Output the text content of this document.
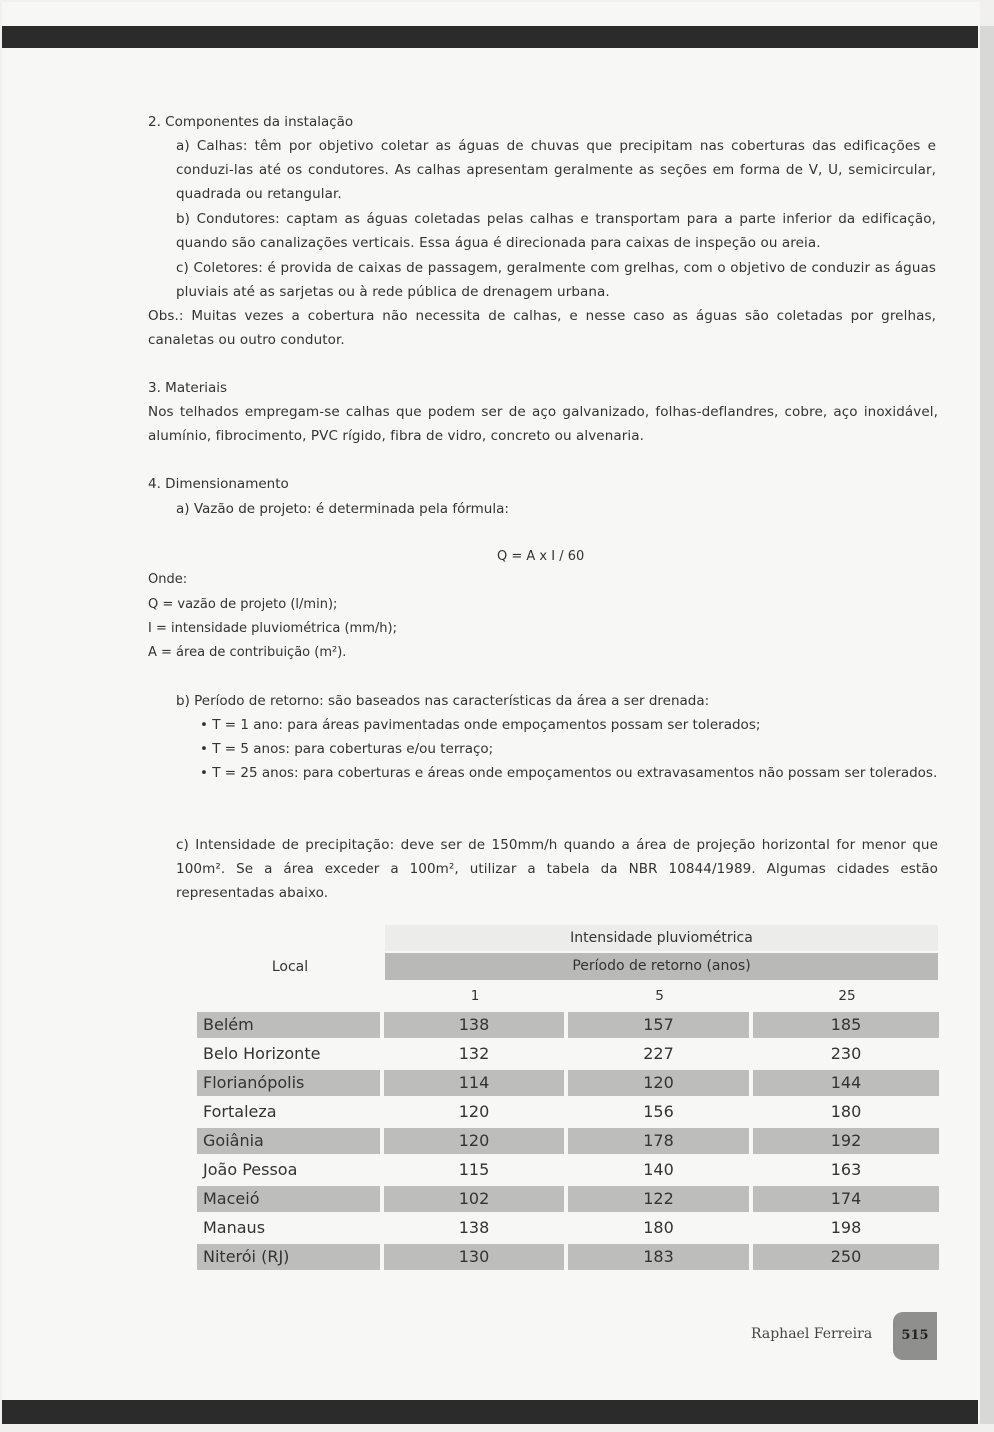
2. Componentes da instalação
a) Calhas: têm por objetivo coletar as águas de chuvas que precipitam nas coberturas das edificações e conduzi-las até os condutores. As calhas apresentam geralmente as seções em forma de V, U, semicircular, quadrada ou retangular.
b) Condutores: captam as águas coletadas pelas calhas e transportam para a parte inferior da edificação, quando são canalizações verticais. Essa água é direcionada para caixas de inspeção ou areia.
c) Coletores: é provida de caixas de passagem, geralmente com grelhas, com o objetivo de conduzir as águas pluviais até as sarjetas ou à rede pública de drenagem urbana.
Obs.: Muitas vezes a cobertura não necessita de calhas, e nesse caso as águas são coletadas por grelhas, canaletas ou outro condutor.
3. Materiais
Nos telhados empregam-se calhas que podem ser de aço galvanizado, folhas-deflandres, cobre, aço inoxidável, alumínio, fibrocimento, PVC rígido, fibra de vidro, concreto ou alvenaria.
4. Dimensionamento
a) Vazão de projeto: é determinada pela fórmula:
Q = A x I / 60
Onde:
Q = vazão de projeto (l/min);
I = intensidade pluviométrica (mm/h);
A = área de contribuição (m²).
b) Período de retorno: são baseados nas características da área a ser drenada:
• T = 1 ano: para áreas pavimentadas onde empoçamentos possam ser tolerados;
• T = 5 anos: para coberturas e/ou terraço;
• T = 25 anos: para coberturas e áreas onde empoçamentos ou extravasamentos não possam ser tolerados.
c) Intensidade de precipitação: deve ser de 150mm/h quando a área de projeção horizontal for menor que 100m². Se a área exceder a 100m², utilizar a tabela da NBR 10844/1989. Algumas cidades estão representadas abaixo.
Intensidade pluviométrica
Local	Período de retorno (anos)
1	5	25
Belém	138	157	185
Belo Horizonte	132	227	230
Florianópolis	114	120	144
Fortaleza	120	156	180
Goiânia	120	178	192
João Pessoa	115	140	163
Maceió	102	122	174
Manaus	138	180	198
Niterói (RJ)	130	183	250
Raphael Ferreira	515
